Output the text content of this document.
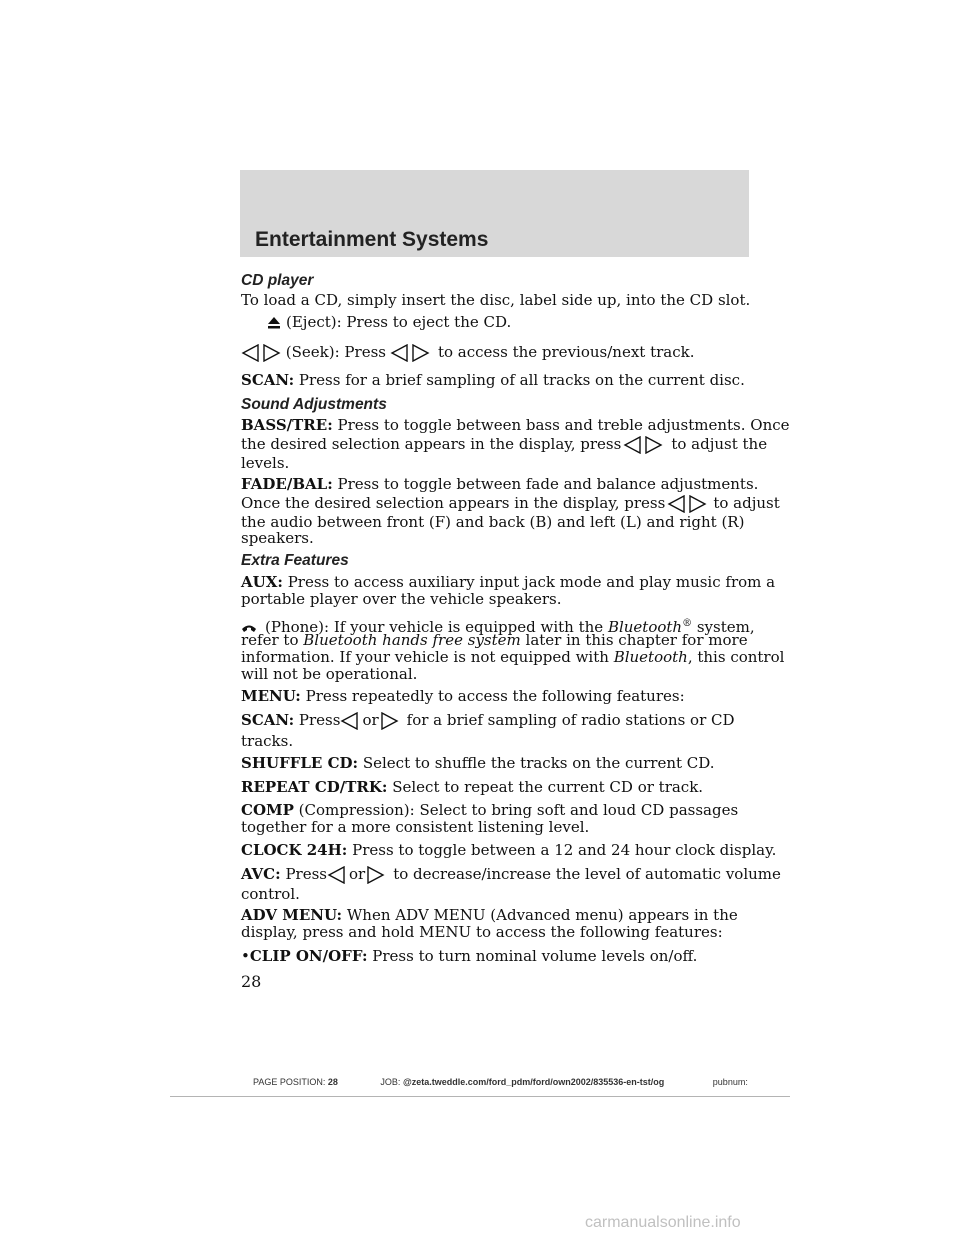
Entertainment Systems
CD player
To load a CD, simply insert the disc, label side up, into the CD slot.
(Eject): Press to eject the CD.
(Seek): Press	to access the previous/next track.
SCAN: Press for a brief sampling of all tracks on the current disc.
Sound Adjustments
BASS/TRE: Press to toggle between bass and treble adjustments. Once
the desired selection appears in the display, press	to adjust the
levels.
FADE/BAL: Press to toggle between fade and balance adjustments.
Once the desired selection appears in the display, press	to adjust
the audio between front (F) and back (B) and left (L) and right (R)
speakers.
Extra Features
AUX: Press to access auxiliary input jack mode and play music from a
portable player over the vehicle speakers.
(Phone): If your vehicle is equipped with the Bluetooth® system,
refer to Bluetooth hands free system later in this chapter for more
information. If your vehicle is not equipped with Bluetooth, this control
will not be operational.
MENU: Press repeatedly to access the following features:
SCAN: Press or for a brief sampling of radio stations or CD
tracks.
SHUFFLE CD: Select to shuffle the tracks on the current CD.
REPEAT CD/TRK: Select to repeat the current CD or track.
COMP (Compression): Select to bring soft and loud CD passages
together for a more consistent listening level.
CLOCK 24H: Press to toggle between a 12 and 24 hour clock display.
AVC: Press or to decrease/increase the level of automatic volume
control.
ADV MENU: When ADV MENU (Advanced menu) appears in the
display, press and hold MENU to access the following features:
•CLIP ON/OFF: Press to turn nominal volume levels on/off.
28
PAGE POSITION: 28	JOB: @zeta.tweddle.com/ford_pdm/ford/own2002/835536-en-tst/og	pubnum:
carmanualsonline.info
